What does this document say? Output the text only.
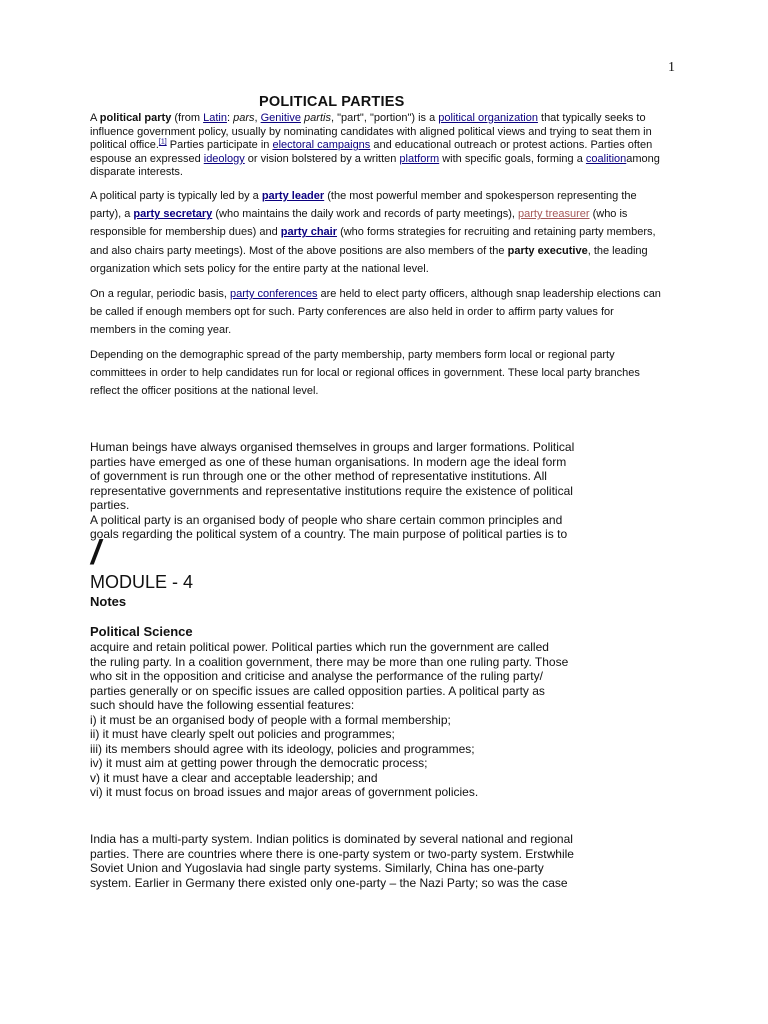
1
POLITICAL PARTIES
A political party (from Latin: pars, Genitive partis, "part", "portion") is a political organization that typically seeks to
influence government policy, usually by nominating candidates with aligned political views and trying to seat them in
political office.[1] Parties participate in electoral campaigns and educational outreach or protest actions. Parties often
espouse an expressed ideology or vision bolstered by a written platform with specific goals, forming a coalitionamong
disparate interests.
A political party is typically led by a party leader (the most powerful member and spokesperson representing the
party), a party secretary (who maintains the daily work and records of party meetings), party treasurer (who is
responsible for membership dues) and party chair (who forms strategies for recruiting and retaining party members,
and also chairs party meetings). Most of the above positions are also members of the party executive, the leading
organization which sets policy for the entire party at the national level.
On a regular, periodic basis, party conferences are held to elect party officers, although snap leadership elections can
be called if enough members opt for such. Party conferences are also held in order to affirm party values for
members in the coming year.
Depending on the demographic spread of the party membership, party members form local or regional party
committees in order to help candidates run for local or regional offices in government. These local party branches
reflect the officer positions at the national level.
Human beings have always organised themselves in groups and larger formations. Political
parties have emerged as one of these human organisations. In modern age the ideal form
of government is run through one or the other method of representative institutions. All
representative governments and representative institutions require the existence of political
parties.
A political party is an organised body of people who share certain common principles and
goals regarding the political system of a country. The main purpose of political parties is to
/
MODULE - 4
Notes
Political Science
acquire and retain political power. Political parties which run the government are called
the ruling party. In a coalition government, there may be more than one ruling party. Those
who sit in the opposition and criticise and analyse the performance of the ruling party/
parties generally or on specific issues are called opposition parties. A political party as
such should have the following essential features:
i) it must be an organised body of people with a formal membership;
ii) it must have clearly spelt out policies and programmes;
iii) its members should agree with its ideology, policies and programmes;
iv) it must aim at getting power through the democratic process;
v) it must have a clear and acceptable leadership; and
vi) it must focus on broad issues and major areas of government policies.
India has a multi-party system. Indian politics is dominated by several national and regional
parties. There are countries where there is one-party system or two-party system. Erstwhile
Soviet Union and Yugoslavia had single party systems. Similarly, China has one-party
system. Earlier in Germany there existed only one-party – the Nazi Party; so was the case
